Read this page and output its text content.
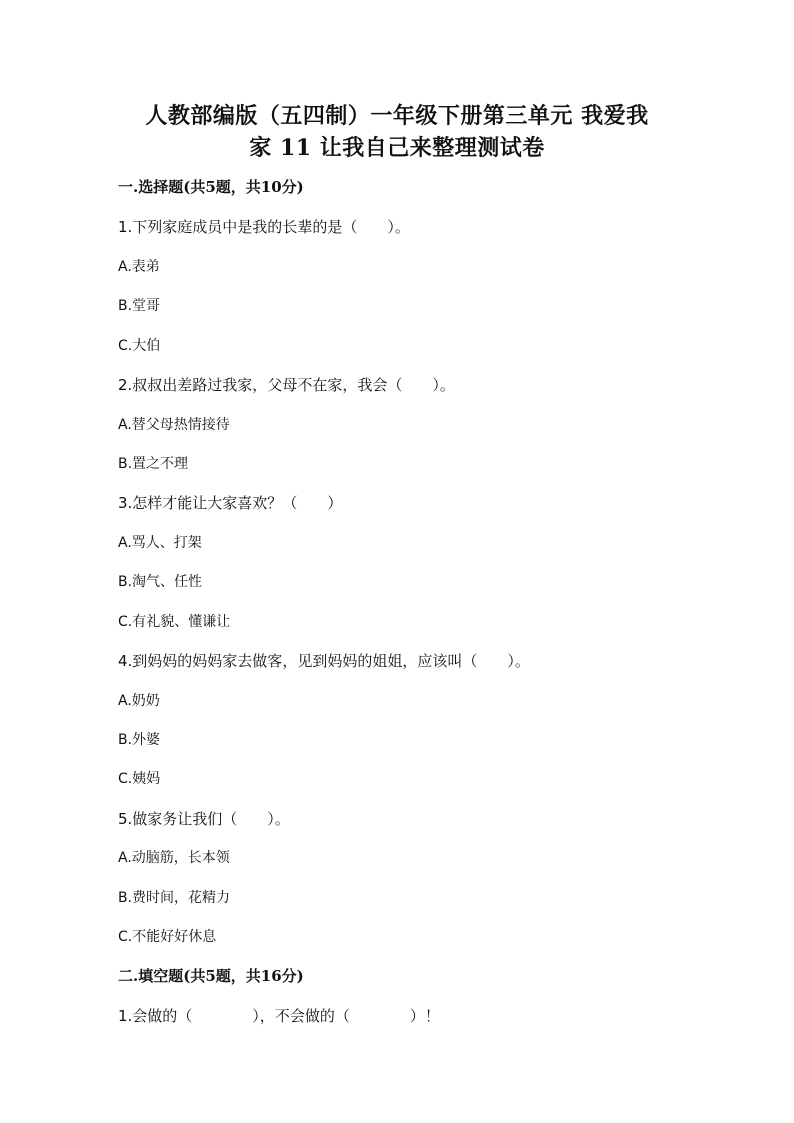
人教部编版（五四制）一年级下册第三单元 我爱我
家 11 让我自己来整理测试卷
一.选择题(共5题，共10分)
1.下列家庭成员中是我的长辈的是（　　）。
A.表弟
B.堂哥
C.大伯
2.叔叔出差路过我家，父母不在家，我会（　　）。
A.替父母热情接待
B.置之不理
3.怎样才能让大家喜欢？（　　）
A.骂人、打架
B.淘气、任性
C.有礼貌、懂谦让
4.到妈妈的妈妈家去做客，见到妈妈的姐姐，应该叫（　　）。
A.奶奶
B.外婆
C.姨妈
5.做家务让我们（　　）。
A.动脑筋，长本领
B.费时间，花精力
C.不能好好休息
二.填空题(共5题，共16分)
1.会做的（　　　　），不会做的（　　　　）！
